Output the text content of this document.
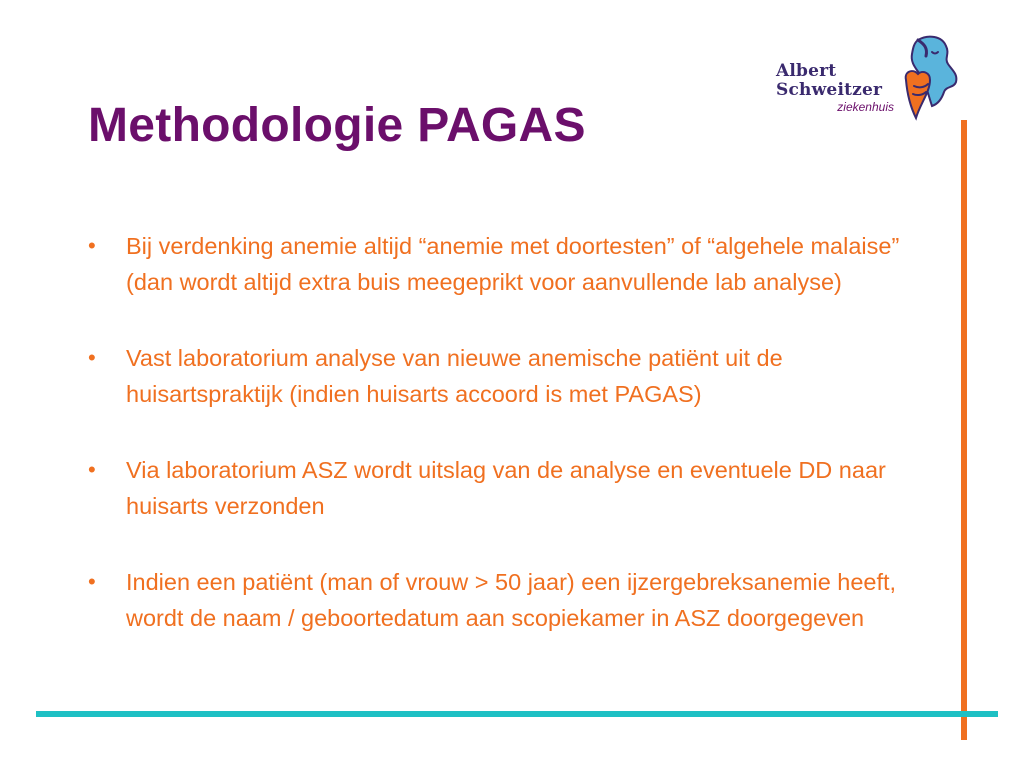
Albert
Schweitzer
ziekenhuis
Methodologie PAGAS
• Bij verdenking anemie altijd “anemie met doortesten” of “algehele malaise” (dan wordt altijd extra buis meegeprikt voor aanvullende lab analyse)
• Vast laboratorium analyse van nieuwe anemische patiënt uit de huisartspraktijk (indien huisarts accoord is met PAGAS)
• Via laboratorium ASZ wordt uitslag van de analyse en eventuele DD naar huisarts verzonden
• Indien een patiënt (man of vrouw > 50 jaar) een ijzergebreksanemie heeft, wordt de naam / geboortedatum aan scopiekamer in ASZ doorgegeven
